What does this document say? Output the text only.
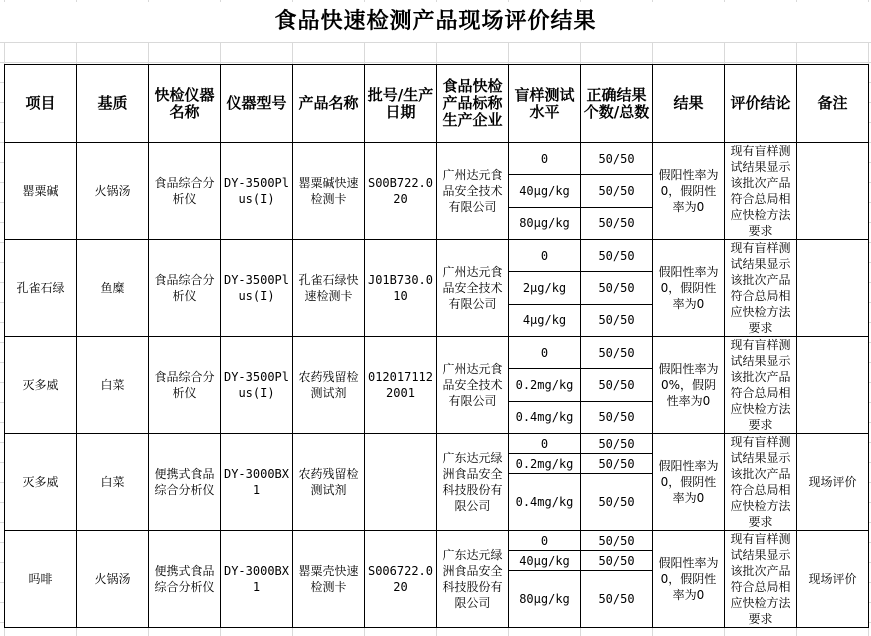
食品快速检测产品现场评价结果
项目	基质	快检仪器名称	仪器型号	产品名称	批号/生产日期	食品快检产品标称生产企业	盲样测试水平	正确结果个数/总数	结果	评价结论	备注
罂粟碱	火锅汤	食品综合分析仪	DY-3500Plus(I)	罂粟碱快速检测卡	S00B722.020	广州达元食品安全技术有限公司	0	50/50	假阳性率为0，假阴性率为0	现有盲样测试结果显示该批次产品符合总局相应快检方法要求	
							40μg/kg	50/50			
							80μg/kg	50/50			
孔雀石绿	鱼糜	食品综合分析仪	DY-3500Plus(I)	孔雀石绿快速检测卡	J01B730.010	广州达元食品安全技术有限公司	0	50/50	假阳性率为0，假阴性率为0	现有盲样测试结果显示该批次产品符合总局相应快检方法要求	
							2μg/kg	50/50			
							4μg/kg	50/50			
灭多威	白菜	食品综合分析仪	DY-3500Plus(I)	农药残留检测试剂	0120171122001	广州达元食品安全技术有限公司	0	50/50	假阳性率为0%，假阴性率为0	现有盲样测试结果显示该批次产品符合总局相应快检方法要求	
							0.2mg/kg	50/50			
							0.4mg/kg	50/50			
灭多威	白菜	便携式食品综合分析仪	DY-3000BX1	农药残留检测试剂		广东达元绿洲食品安全科技股份有限公司	0	50/50	假阳性率为0，假阴性率为0	现有盲样测试结果显示该批次产品符合总局相应快检方法要求	现场评价
							0.2mg/kg	50/50			
							0.4mg/kg	50/50			
吗啡	火锅汤	便携式食品综合分析仪	DY-3000BX1	罂粟壳快速检测卡	S006722.020	广东达元绿洲食品安全科技股份有限公司	0	50/50	假阳性率为0，假阴性率为0	现有盲样测试结果显示该批次产品符合总局相应快检方法要求	现场评价
							40μg/kg	50/50			
							80μg/kg	50/50			
